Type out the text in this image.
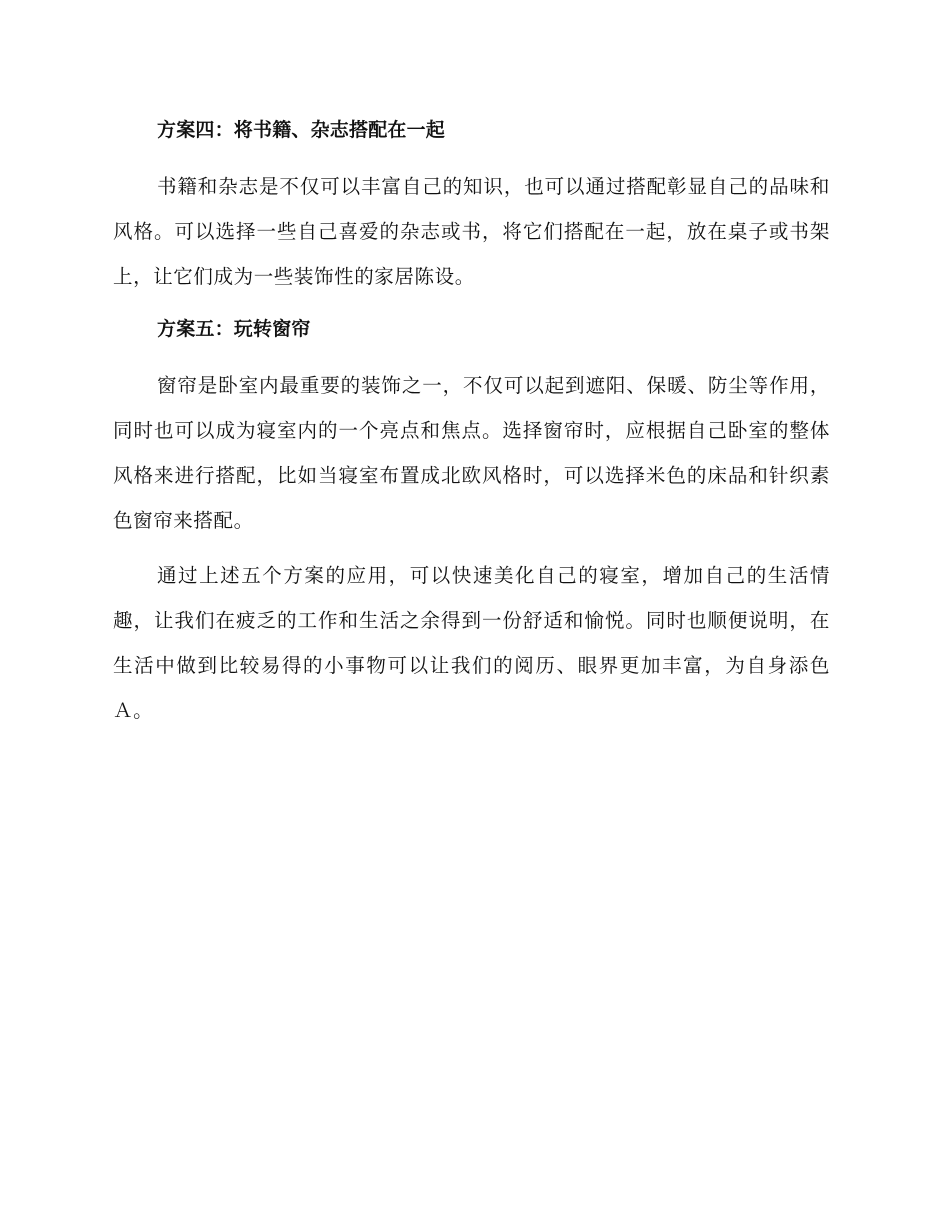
方案四：将书籍、杂志搭配在一起

书籍和杂志是不仅可以丰富自己的知识，也可以通过搭配彰显自己的品味和风格。可以选择一些自己喜爱的杂志或书，将它们搭配在一起，放在桌子或书架上，让它们成为一些装饰性的家居陈设。

方案五：玩转窗帘

窗帘是卧室内最重要的装饰之一，不仅可以起到遮阳、保暖、防尘等作用，同时也可以成为寝室内的一个亮点和焦点。选择窗帘时，应根据自己卧室的整体风格来进行搭配，比如当寝室布置成北欧风格时，可以选择米色的床品和针织素色窗帘来搭配。

通过上述五个方案的应用，可以快速美化自己的寝室，增加自己的生活情趣，让我们在疲乏的工作和生活之余得到一份舒适和愉悦。同时也顺便说明，在生活中做到比较易得的小事物可以让我们的阅历、眼界更加丰富，为自身添色Ａ。
